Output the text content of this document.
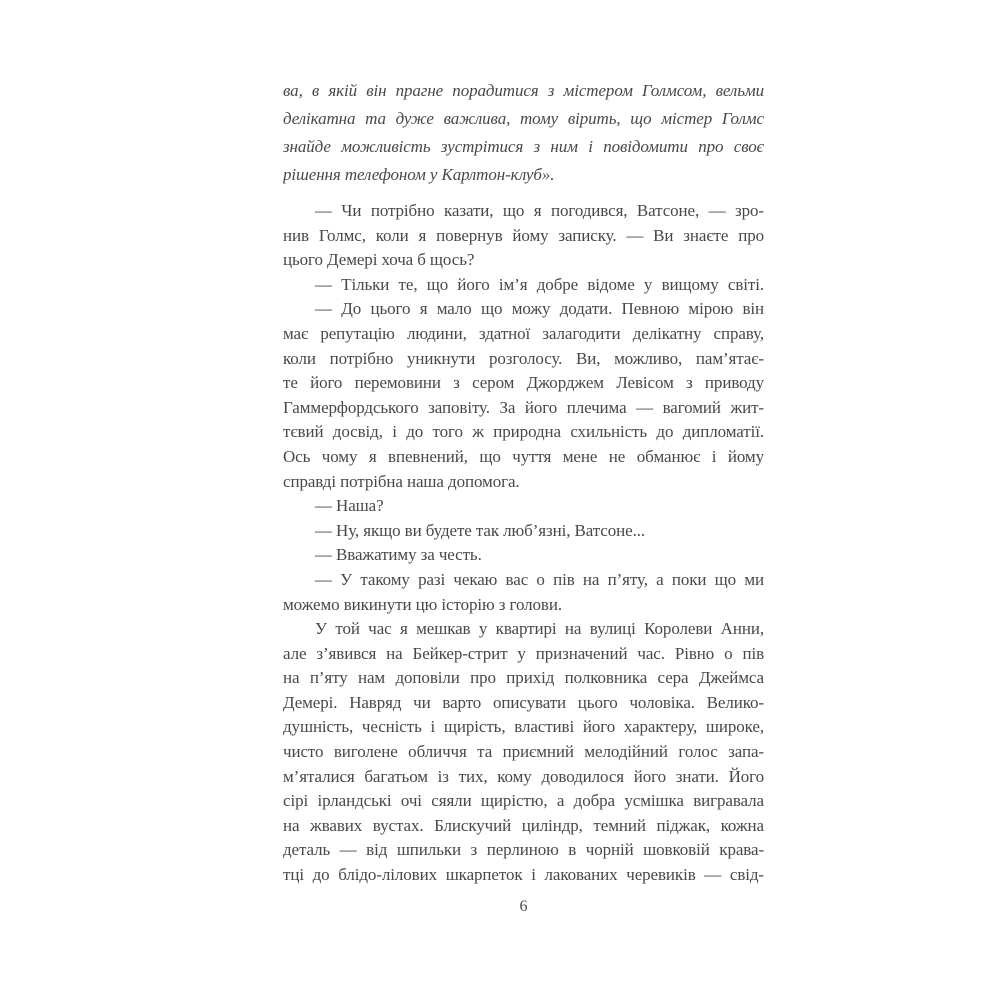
ва, в якій він прагне порадитися з містером Голмсом, вельми
делікатна та дуже важлива, тому вірить, що містер Голмс
знайде можливість зустрітися з ним і повідомити про своє
рішення телефоном у Карлтон-клуб».
— Чи потрібно казати, що я погодився, Ватсоне, — зро-
нив Голмс, коли я повернув йому записку. — Ви знаєте про
цього Демері хоча б щось?
— Тільки те, що його ім’я добре відоме у вищому світі.
— До цього я мало що можу додати. Певною мірою він
має репутацію людини, здатної залагодити делікатну справу,
коли потрібно уникнути розголосу. Ви, можливо, пам’ятає-
те його перемовини з сером Джорджем Левісом з приводу
Гаммерфордського заповіту. За його плечима — вагомий жит-
тєвий досвід, і до того ж природна схильність до дипломатії.
Ось чому я впевнений, що чуття мене не обманює і йому
справді потрібна наша допомога.
— Наша?
— Ну, якщо ви будете так люб’язні, Ватсоне...
— Вважатиму за честь.
— У такому разі чекаю вас о пів на п’яту, а поки що ми
можемо викинути цю історію з голови.
У той час я мешкав у квартирі на вулиці Королеви Анни,
але з’явився на Бейкер-стрит у призначений час. Рівно о пів
на п’яту нам доповіли про прихід полковника сера Джеймса
Демері. Навряд чи варто описувати цього чоловіка. Велико-
душність, чесність і щирість, властиві його характеру, широке,
чисто виголене обличчя та приємний мелодійний голос запа-
м’яталися багатьом із тих, кому доводилося його знати. Його
сірі ірландські очі сяяли щирістю, а добра усмішка вигравала
на жвавих вустах. Блискучий циліндр, темний піджак, кожна
деталь — від шпильки з перлиною в чорній шовковій крава-
тці до блідо-лілових шкарпеток і лакованих черевиків — свід-
6
